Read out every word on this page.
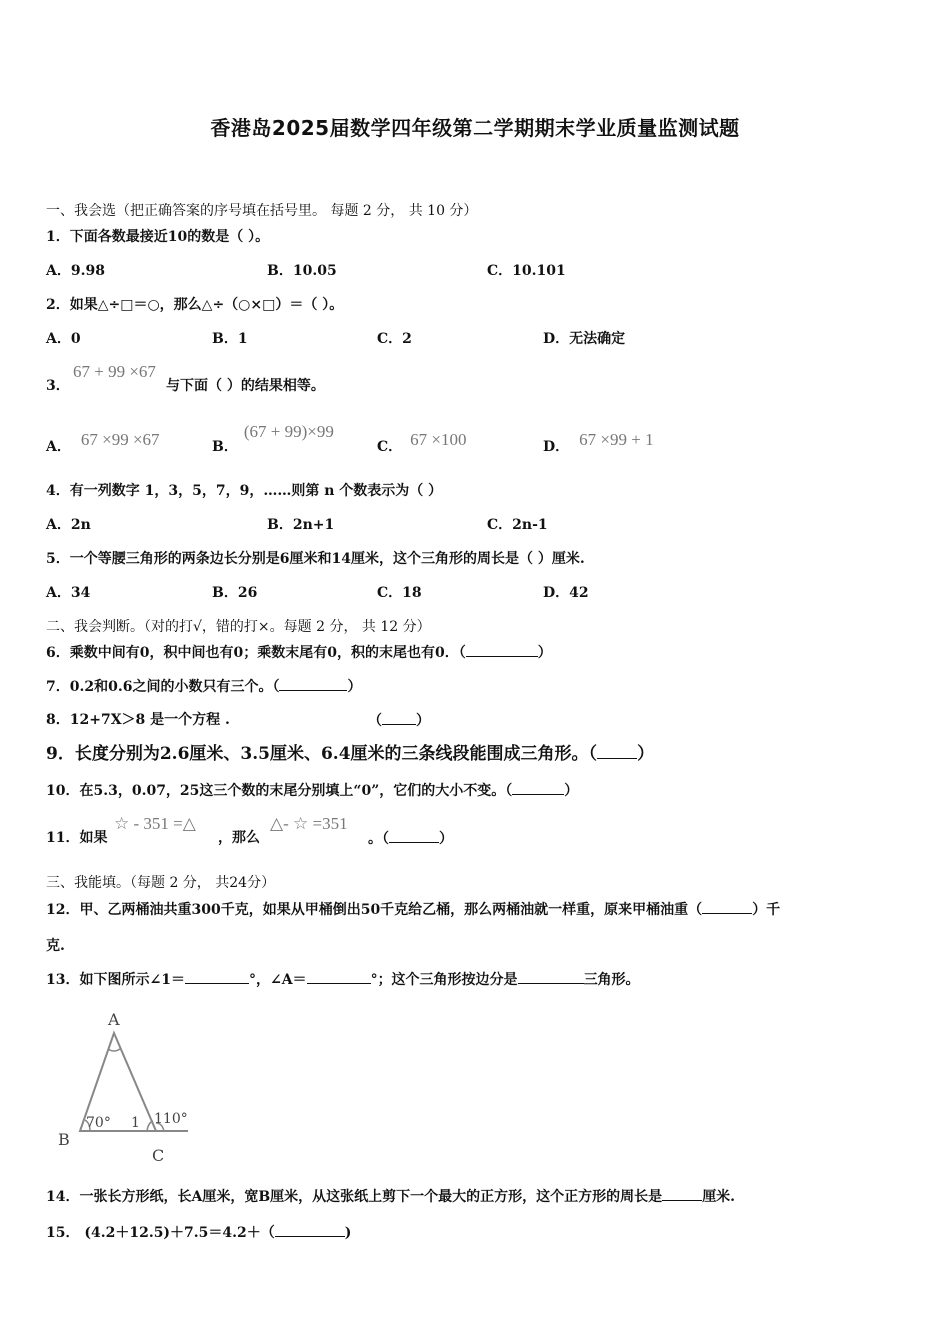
香港岛2025届数学四年级第二学期期末学业质量监测试题
一、我会选（把正确答案的序号填在括号里。 每题 2 分， 共 10 分）
1．下面各数最接近10的数是（ ）。
A．9.98	B．10.05	C．10.101
2．如果△÷□＝○，那么△÷（○×□）＝（ ）。
A．0	B．1	C．2	D．无法确定
3．
67 + 99 ×67
与下面（ ）的结果相等。
A． 67 ×99 ×67	B．(67 + 99)×99
C． 67 ×100	D． 67 ×99 + 1
4．有一列数字 1，3，5，7，9，……则第 n 个数表示为（ ）
A．2n	B．2n+1	C．2n-1
5．一个等腰三角形的两条边长分别是6厘米和14厘米，这个三角形的周长是（ ）厘米.
A．34	B．26	C．18	D．42
二、我会判断。（对的打√，错的打×。每题 2 分， 共 12 分）
6．乘数中间有0，积中间也有0；乘数末尾有0，积的末尾也有0．（	）
7．0.2和0.6之间的小数只有三个。（	）
8．12+7X＞8 是一个方程 .	（ ）
9．长度分别为2.6厘米、3.5厘米、6.4厘米的三条线段能围成三角形。（ ）
10．在5.3，0.07，25这三个数的末尾分别填上“0”，它们的大小不变。（	）
11．如果
☆ - 351 =△
，那么
△- ☆ =351
。（	）
三、我能填。（每题 2 分， 共24分）
12．甲、乙两桶油共重300千克，如果从甲桶倒出50千克给乙桶，那么两桶油就一样重，原来甲桶油重（	）千
克.
13．如下图所示∠1＝	°，∠A＝	°；这个三角形按边分是	三角形。
A
B
C
70° 1 110°
14．一张长方形纸，长A厘米，宽B厘米，从这张纸上剪下一个最大的正方形，这个正方形的周长是	厘米.
15． (4.2＋12.5)＋7.5＝4.2＋（	)
